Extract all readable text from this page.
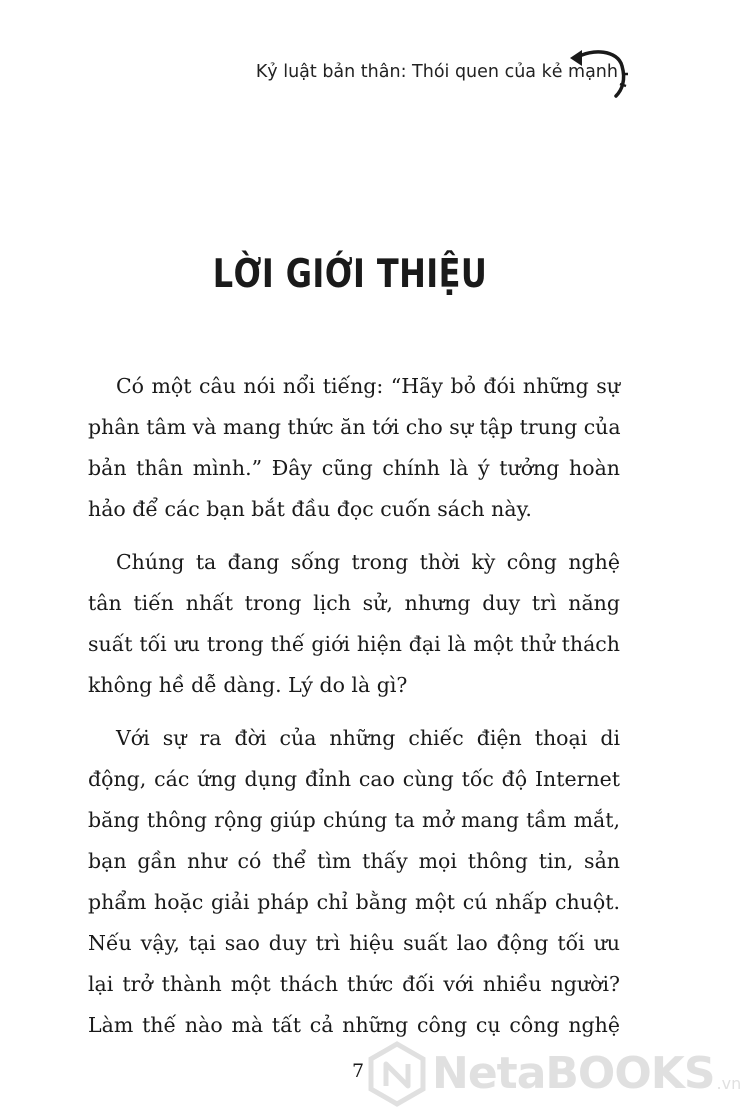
Kỷ luật bản thân: Thói quen của kẻ mạnh
LỜI GIỚI THIỆU
Có một câu nói nổi tiếng: “Hãy bỏ đói những sự
phân tâm và mang thức ăn tới cho sự tập trung của
bản thân mình.” Đây cũng chính là ý tưởng hoàn
hảo để các bạn bắt đầu đọc cuốn sách này.
Chúng ta đang sống trong thời kỳ công nghệ
tân tiến nhất trong lịch sử, nhưng duy trì năng
suất tối ưu trong thế giới hiện đại là một thử thách
không hề dễ dàng. Lý do là gì?
Với sự ra đời của những chiếc điện thoại di
động, các ứng dụng đỉnh cao cùng tốc độ Internet
băng thông rộng giúp chúng ta mở mang tầm mắt,
bạn gần như có thể tìm thấy mọi thông tin, sản
phẩm hoặc giải pháp chỉ bằng một cú nhấp chuột.
Nếu vậy, tại sao duy trì hiệu suất lao động tối ưu
lại trở thành một thách thức đối với nhiều người?
Làm thế nào mà tất cả những công cụ công nghệ
7 NetaBOOKS .vn
